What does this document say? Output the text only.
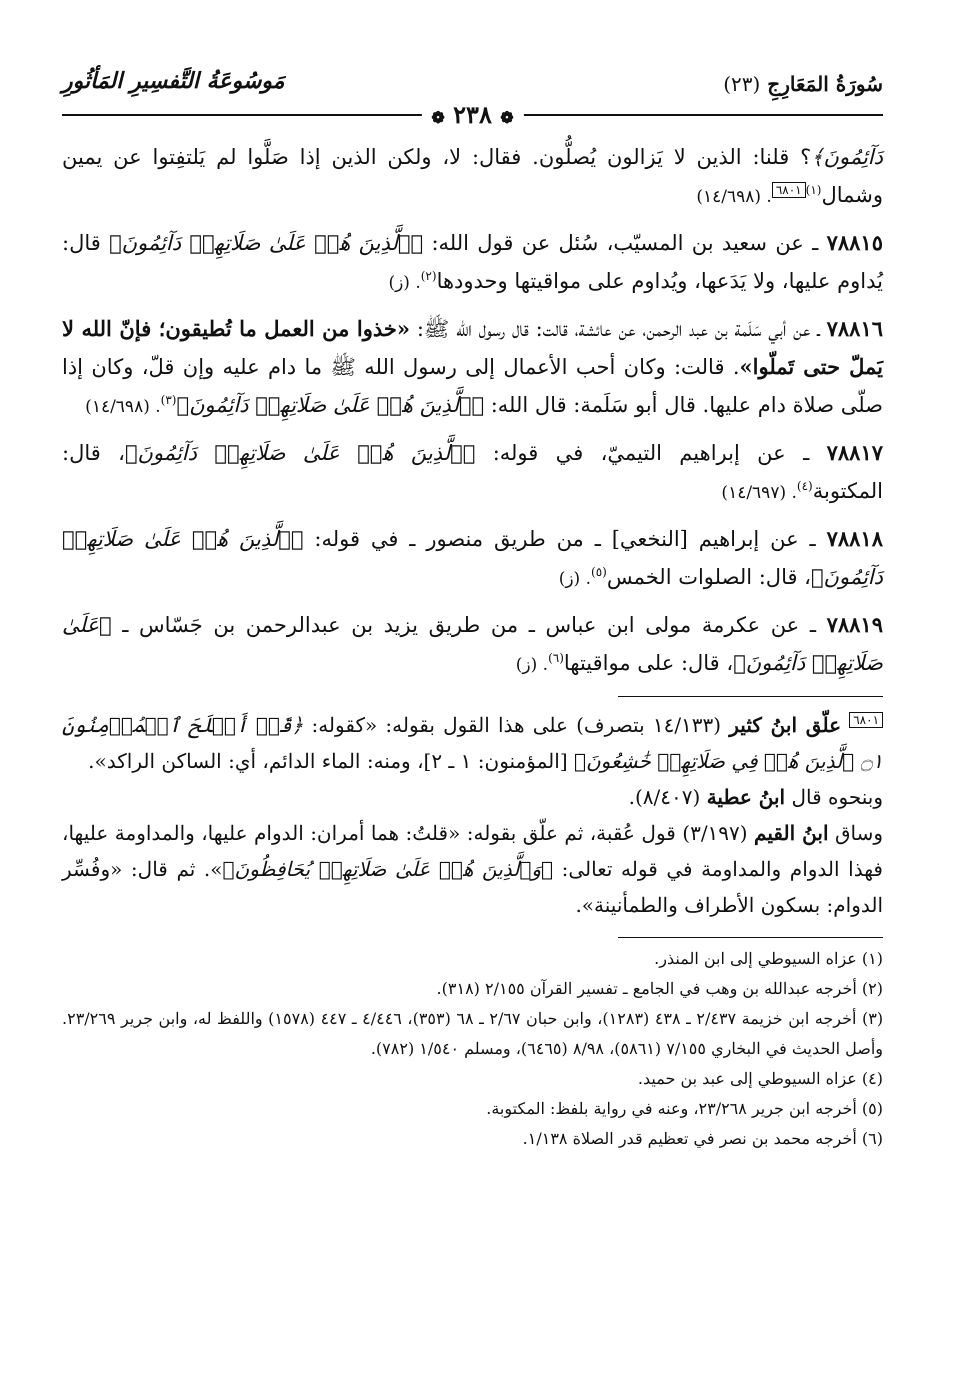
سُورَةُ المَعَارِجِ (٢٣)
مَوسُوعَةُ التَّفسِيرِ المَأثُورِ
❁ ٢٣٨ ❁

دَآئِمُونَ﴾؟ قلنا: الذين لا يَزالون يُصلُّون. فقال: لا، ولكن الذين إذا صَلَّوا لم يَلتفِتوا عن يمين وشمال$^{(١)}$٦٨٠١. (١٤/٦٩٨)

٧٨٨١٥ ـ عن سعيد بن المسيّب، سُئل عن قول الله: ﴿ٱلَّذِينَ هُمۡ عَلَىٰ صَلَاتِهِمۡ دَآئِمُونَ﴾ قال: يُداوم عليها، ولا يَدَعها، ويُداوم على مواقيتها وحدودها$^{(٢)}$. (ز)

٧٨٨١٦ ـ عن أبي سَلَمة بن عبد الرحمن، عن عائشة، قالت: قال رسول الله ﷺ: «خذوا من العمل ما تُطيقون؛ فإنّ الله لا يَملّ حتى تَملّوا». قالت: وكان أحب الأعمال إلى رسول الله ﷺ ما دام عليه وإن قلّ، وكان إذا صلّى صلاة دام عليها. قال أبو سَلَمة: قال الله: ﴿ٱلَّذِينَ هُمۡ عَلَىٰ صَلَاتِهِمۡ دَآئِمُونَ﴾$^{(٣)}$. (١٤/٦٩٨)

٧٨٨١٧ ـ عن إبراهيم التيميّ، في قوله: ﴿ٱلَّذِينَ هُمۡ عَلَىٰ صَلَاتِهِمۡ دَآئِمُونَ﴾، قال: المكتوبة$^{(٤)}$. (١٤/٦٩٧)

٧٨٨١٨ ـ عن إبراهيم [النخعي] ـ من طريق منصور ـ في قوله: ﴿ٱلَّذِينَ هُمۡ عَلَىٰ صَلَاتِهِمۡ دَآئِمُونَ﴾، قال: الصلوات الخمس$^{(٥)}$. (ز)

٧٨٨١٩ ـ عن عكرمة مولى ابن عباس ـ من طريق يزيد بن عبدالرحمن بن جَسّاس ـ ﴿عَلَىٰ صَلَاتِهِمۡ دَآئِمُونَ﴾، قال: على مواقيتها$^{(٦)}$. (ز)

٦٨٠١ علّق ابنُ كثير (١٤/١٣٣ بتصرف) على هذا القول بقوله: «كقوله: ﴿قَدۡ أَفۡلَحَ ٱلۡمُؤۡمِنُونَ ۝١ ٱلَّذِينَ هُمۡ فِي صَلَاتِهِمۡ خَٰشِعُونَ﴾ [المؤمنون: ١ ـ ٢]، ومنه: الماء الدائم، أي: الساكن الراكد».

وبنحوه قال ابنُ عطية (٨/٤٠٧).

وساق ابنُ القيم (٣/١٩٧) قول عُقبة، ثم علّق بقوله: «قلتُ: هما أمران: الدوام عليها، والمداومة عليها، فهذا الدوام والمداومة في قوله تعالى: ﴿وَٱلَّذِينَ هُمۡ عَلَىٰ صَلَاتِهِمۡ يُحَافِظُونَ﴾». ثم قال: «وفُسِّر الدوام: بسكون الأطراف والطمأنينة».

(١) عزاه السيوطي إلى ابن المنذر.

(٢) أخرجه عبدالله بن وهب في الجامع ـ تفسير القرآن ٢/١٥٥ (٣١٨).

(٣) أخرجه ابن خزيمة ٢/٤٣٧ ـ ٤٣٨ (١٢٨٣)، وابن حبان ٢/٦٧ ـ ٦٨ (٣٥٣)، ٤/٤٤٦ ـ ٤٤٧ (١٥٧٨) واللفظ له، وابن جرير ٢٣/٢٦٩. وأصل الحديث في البخاري ٧/١٥٥ (٥٨٦١)، ٨/٩٨ (٦٤٦٥)، ومسلم ١/٥٤٠ (٧٨٢).

(٤) عزاه السيوطي إلى عبد بن حميد.

(٥) أخرجه ابن جرير ٢٣/٢٦٨، وعنه في رواية بلفظ: المكتوبة.

(٦) أخرجه محمد بن نصر في تعظيم قدر الصلاة ١/١٣٨.
